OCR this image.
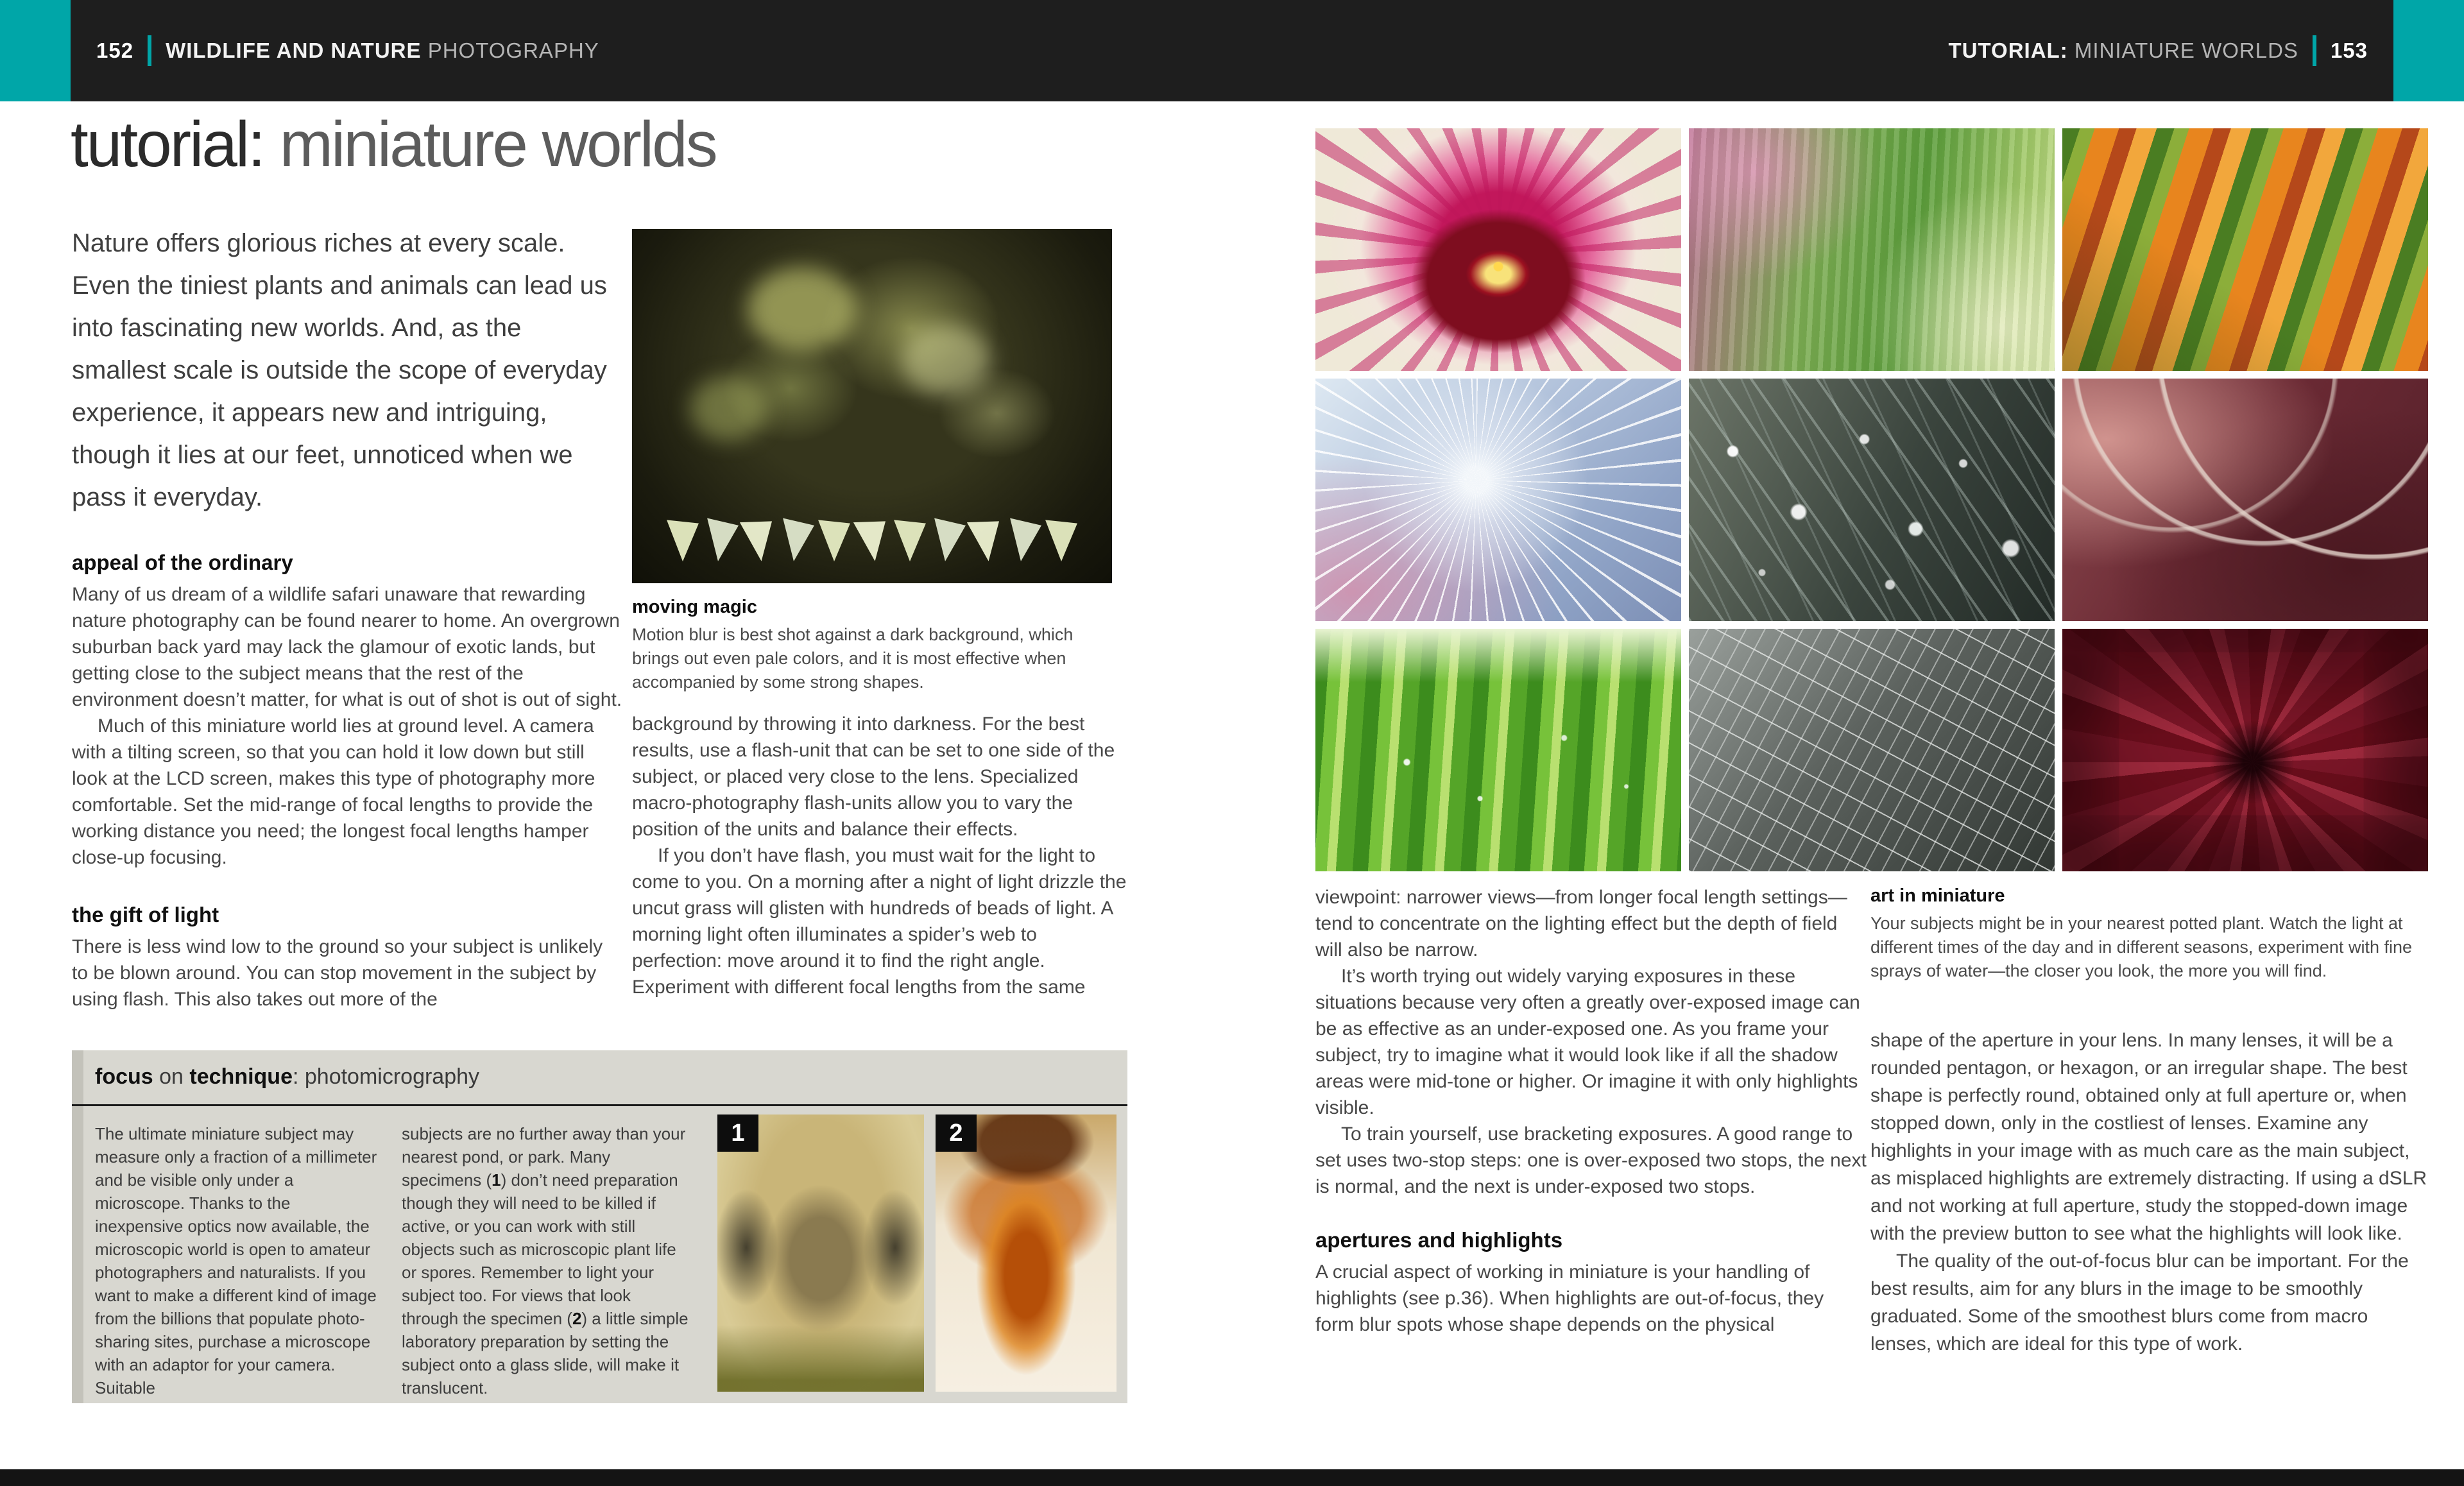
152 WILDLIFE AND NATURE
PHOTOGRAPHY	TUTORIAL:
MINIATURE WORLDS 153
tutorial: miniature worlds

Nature offers glorious riches at every scale. Even the tiniest plants and animals can lead us into fascinating new worlds. And, as the smallest scale is outside the scope of everyday experience, it appears new and intriguing, though it lies at our feet, unnoticed when we pass it everyday.

appeal of the ordinary

Many of us dream of a wildlife safari unaware that rewarding nature photography can be found nearer to home. An overgrown suburban back yard may lack the glamour of exotic lands, but getting close to the subject means that the rest of the environment doesn’t matter, for what is out of shot is out of sight.

Much of this miniature world lies at ground level. A camera with a tilting screen, so that you can hold it low down but still look at the LCD screen, makes this type of photography more comfortable. Set the mid-range of focal lengths to provide the working distance you need; the longest focal lengths hamper close-up focusing.

the gift of light

There is less wind low to the ground so your subject is unlikely to be blown around. You can stop movement in the subject by using flash. This also takes out more of the

moving magic
Motion blur is best shot against a dark background, which brings out even pale colors, and it is most effective when accompanied by some strong shapes.

background by throwing it into darkness. For the best results, use a flash-unit that can be set to one side of the subject, or placed very close to the lens. Specialized macro-photography flash-units allow you to vary the position of the units and balance their effects.

If you don’t have flash, you must wait for the light to come to you. On a morning after a night of light drizzle the uncut grass will glisten with hundreds of beads of light. A morning light often illuminates a spider’s web to perfection: move around it to find the right angle. Experiment with different focal lengths from the same

focus on technique: photomicrography
The ultimate miniature subject may measure only a fraction of a millimeter and be visible only under a microscope. Thanks to the inexpensive optics now available, the microscopic world is open to amateur photographers and naturalists. If you want to make a different kind of image from the billions that populate photo-sharing sites, purchase a microscope with an adaptor for your camera. Suitable
subjects are no further away than your nearest pond, or park. Many specimens (1) don’t need preparation though they will need to be killed if active, or you can work with still objects such as microscopic plant life or spores. Remember to light your subject too. For views that look through the specimen (2) a little simple laboratory preparation by setting the subject onto a glass slide, will make it translucent.
1	2

viewpoint: narrower views—from longer focal length settings—tend to concentrate on the lighting effect but the depth of field will also be narrow.

It’s worth trying out widely varying exposures in these situations because very often a greatly over-exposed image can be as effective as an under-exposed one. As you frame your subject, try to imagine what it would look like if all the shadow areas were mid-tone or higher. Or imagine it with only highlights visible.

To train yourself, use bracketing exposures. A good range to set uses two-stop steps: one is over-exposed two stops, the next is normal, and the next is under-exposed two stops.

apertures and highlights

A crucial aspect of working in miniature is your handling of highlights (see p.36). When highlights are out-of-focus, they form blur spots whose shape depends on the physical

art in miniature
Your subjects might be in your nearest potted plant. Watch the light at different times of the day and in different seasons, experiment with fine sprays of water—the closer you look, the more you will find.

shape of the aperture in your lens. In many lenses, it will be a rounded pentagon, or hexagon, or an irregular shape. The best shape is perfectly round, obtained only at full aperture or, when stopped down, only in the costliest of lenses. Examine any highlights in your image with as much care as the main subject, as misplaced highlights are extremely distracting. If using a dSLR and not working at full aperture, study the stopped-down image with the preview button to see what the highlights will look like.

The quality of the out-of-focus blur can be important. For the best results, aim for any blurs in the image to be smoothly graduated. Some of the smoothest blurs come from macro lenses, which are ideal for this type of work.
